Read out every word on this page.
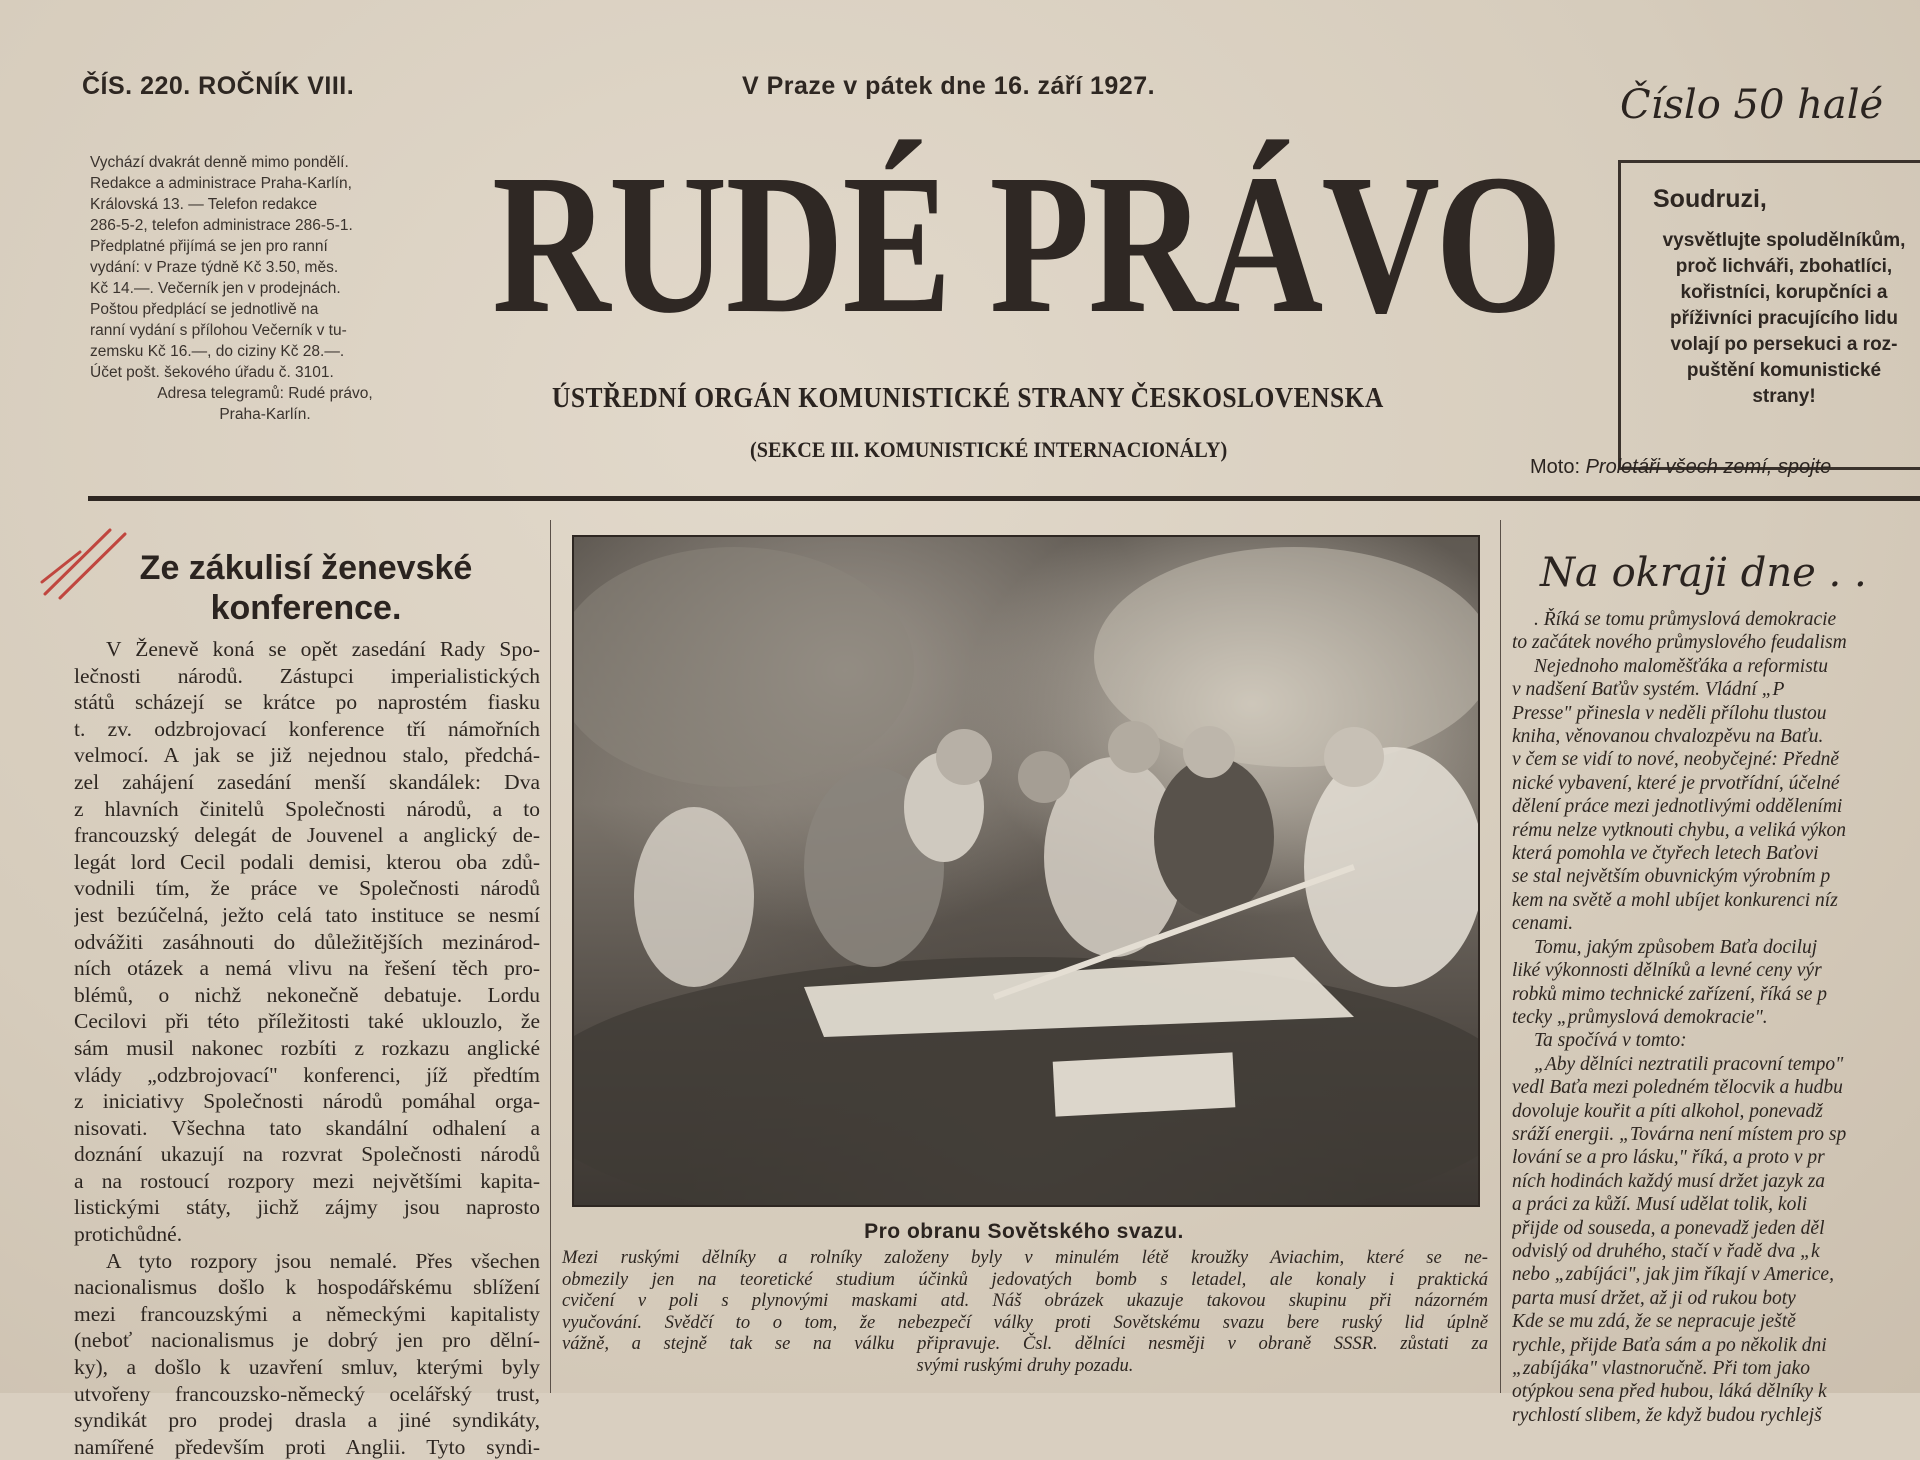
ČÍS. 220. ROČNÍK VIII.	V Praze v pátek dne 16. září 1927.	Číslo 50 halé
Vychází dvakrát denně mimo pondělí.
Redakce a administrace Praha-Karlín,
Královská 13. — Telefon redakce
286-5-2, telefon administrace 286-5-1.
Předplatné přijímá se jen pro ranní
vydání: v Praze týdně Kč 3.50, měs.
Kč 14.—. Večerník jen v prodejnách.
Poštou předplácí se jednotlivě na
ranní vydání s přílohou Večerník v tu-
zemsku Kč 16.—, do ciziny Kč 28.—.
Účet pošt. šekového úřadu č. 3101.
Adresa telegramů: Rudé právo,
Praha-Karlín.
RUDÉ PRÁVO
ÚSTŘEDNÍ ORGÁN KOMUNISTICKÉ STRANY ČESKOSLOVENSKA
(SEKCE III. KOMUNISTICKÉ INTERNACIONÁLY)
Soudruzi,
vysvětlujte spoludělníkům,
proč lichváři, zbohatlíci,
kořistníci, korupčníci a
příživníci pracujícího lidu
volají po persekuci a roz-
puštění komunistické
strany!
Moto: Proletáři všech zemí, spojte
Ze zákulisí ženevské
konference.
V Ženevě koná se opět zasedání Rady Spo-
lečnosti národů. Zástupci imperialistických
států scházejí se krátce po naprostém fiasku
t. zv. odzbrojovací konference tří námořních
velmocí. A jak se již nejednou stalo, předchá-
zel zahájení zasedání menší skandálek: Dva
z hlavních činitelů Společnosti národů, a to
francouzský delegát de Jouvenel a anglický de-
legát lord Cecil podali demisi, kterou oba zdů-
vodnili tím, že práce ve Společnosti národů
jest bezúčelná, ježto celá tato instituce se nesmí
odvážiti zasáhnouti do důležitějších mezinárod-
ních otázek a nemá vlivu na řešení těch pro-
blémů, o nichž nekonečně debatuje. Lordu
Cecilovi při této příležitosti také uklouzlo, že
sám musil nakonec rozbíti z rozkazu anglické
vlády „odzbrojovací" konferenci, jíž předtím
z iniciativy Společnosti národů pomáhal orga-
nisovati. Všechna tato skandální odhalení a
doznání ukazují na rozvrat Společnosti národů
a na rostoucí rozpory mezi největšími kapita-
listickými státy, jichž zájmy jsou naprosto
protichůdné.
A tyto rozpory jsou nemalé. Přes všechen
nacionalismus došlo k hospodářskému sblížení
mezi francouzskými a německými kapitalisty
(neboť nacionalismus je dobrý jen pro dělní-
ky), a došlo k uzavření smluv, kterými byly
utvořeny francouzsko-německý ocelářský trust,
syndikát pro prodej drasla a jiné syndikáty,
namířené především proti Anglii. Tyto syndi-
Pro obranu Sovětského svazu.
Mezi ruskými dělníky a rolníky založeny byly v minulém létě kroužky Aviachim, které se ne-
obmezily jen na teoretické studium účinků jedovatých bomb s letadel, ale konaly i praktická
cvičení v poli s plynovými maskami atd. Náš obrázek ukazuje takovou skupinu při názorném
vyučování. Svědčí to o tom, že nebezpečí války proti Sovětskému svazu bere ruský lid úplně
vážně, a stejně tak se na válku připravuje. Čsl. dělníci nesměji v obraně SSSR. zůstati za
svými ruskými druhy pozadu.
Na okraji dne . .
. Říká se tomu průmyslová demokracie
to začátek nového průmyslového feudalism
Nejednoho maloměšťáka a reformistu
v nadšení Baťův systém. Vládní „P
Presse" přinesla v neděli přílohu tlustou
kniha, věnovanou chvalozpěvu na Baťu.
v čem se vidí to nové, neobyčejné: Předně
nické vybavení, které je prvotřídní, účelné
dělení práce mezi jednotlivými odděleními
rému nelze vytknouti chybu, a veliká výkon
která pomohla ve čtyřech letech Baťovi
se stal největším obuvnickým výrobním p
kem na světě a mohl ubíjet konkurenci níz
cenami.
Tomu, jakým způsobem Baťa dociluj
liké výkonnosti dělníků a levné ceny výr
robků mimo technické zařízení, říká se p
tecky „průmyslová demokracie".
Ta spočívá v tomto:
„Aby dělníci neztratili pracovní tempo"
vedl Baťa mezi poledném tělocvik a hudbu
dovoluje kouřit a píti alkohol, ponevadž
sráží energii. „Továrna není místem pro sp
lování se a pro lásku," říká, a proto v pr
ních hodinách každý musí držet jazyk za
a práci za kůží. Musí udělat tolik, koli
přijde od souseda, a ponevadž jeden děl
odvislý od druhého, stačí v řadě dva „k
nebo „zabíjáci", jak jim říkají v Americe,
parta musí držet, až ji od rukou boty
Kde se mu zdá, že se nepracuje ještě
rychle, přijde Baťa sám a po několik dni
„zabíjáka" vlastnoručně. Při tom jako
otýpkou sena před hubou, láká dělníky k
rychlostí slibem, že když budou rychlejš
